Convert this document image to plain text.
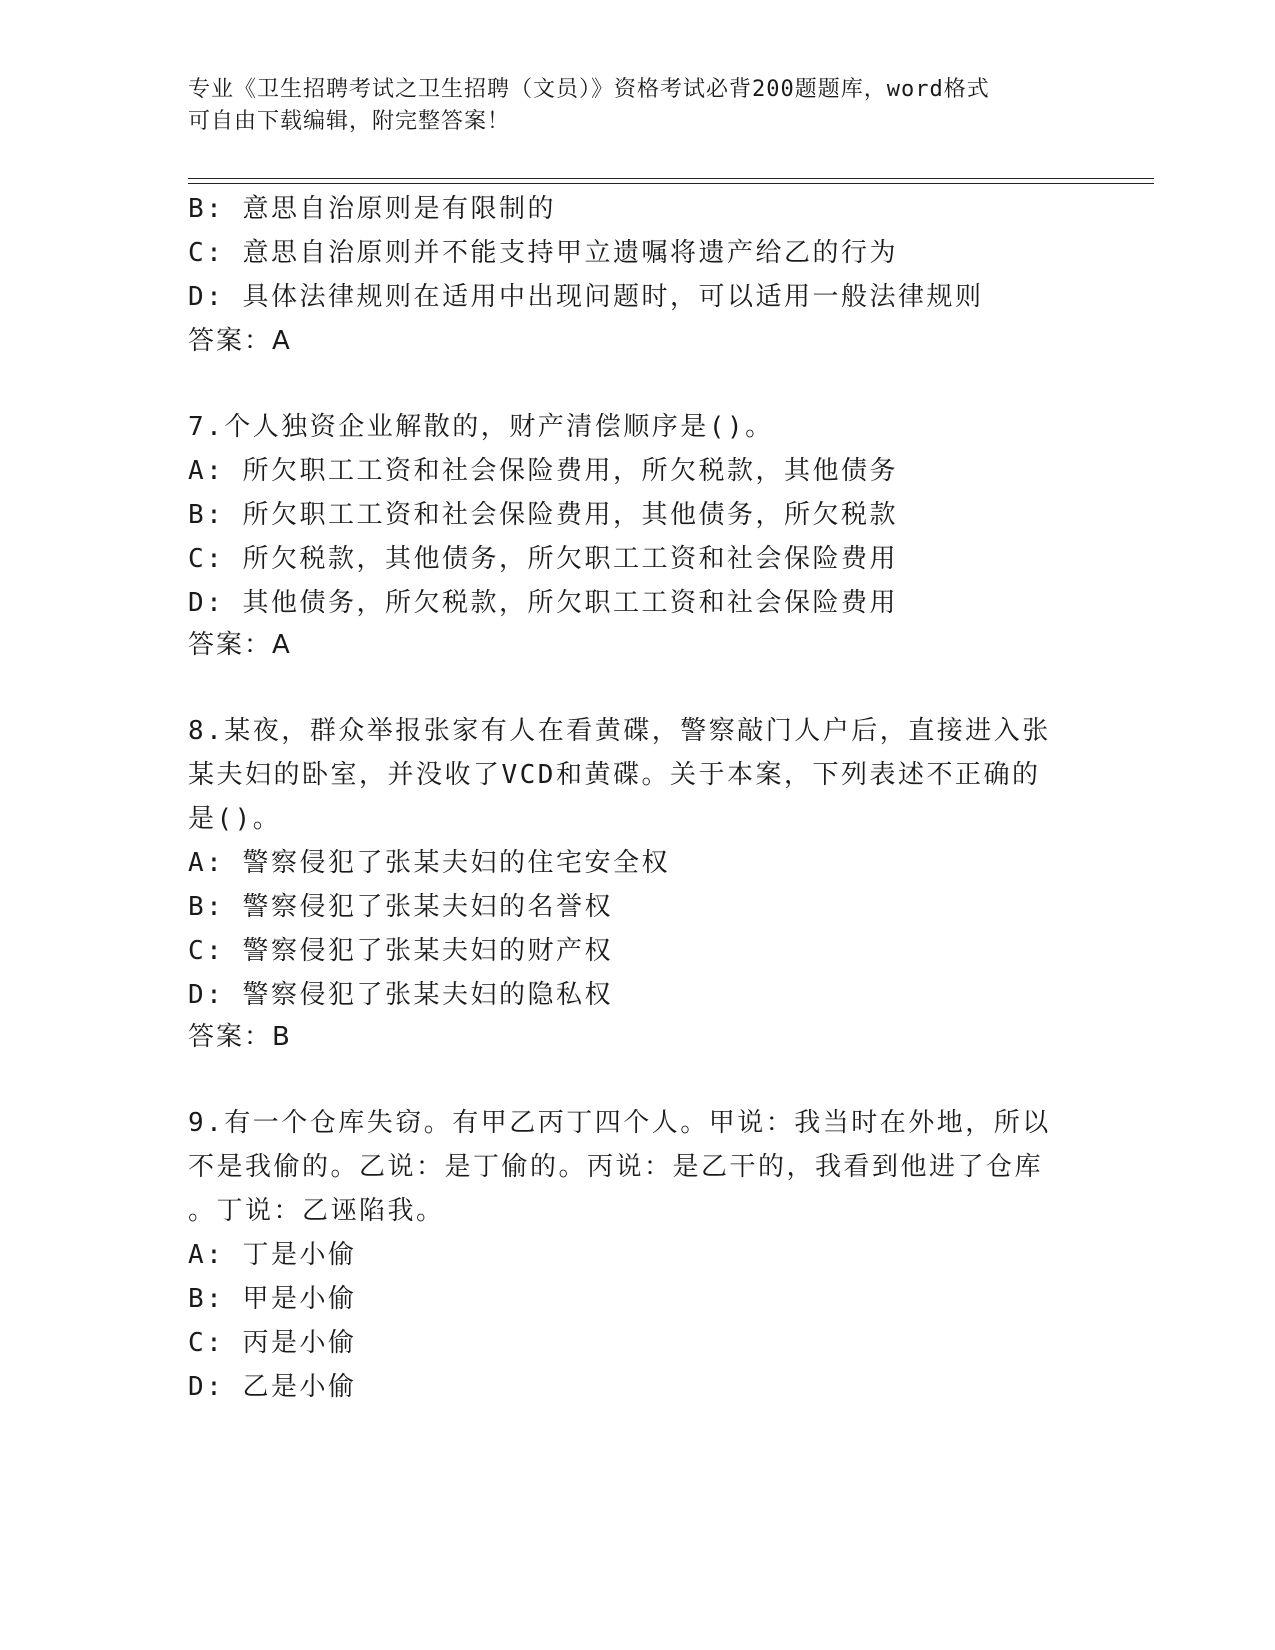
专业《卫生招聘考试之卫生招聘（文员）》资格考试必背200题题库，word格式
可自由下载编辑，附完整答案！
B: 意思自治原则是有限制的
C: 意思自治原则并不能支持甲立遗嘱将遗产给乙的行为
D: 具体法律规则在适用中出现问题时，可以适用一般法律规则
答案：A
7.个人独资企业解散的，财产清偿顺序是()。
A: 所欠职工工资和社会保险费用，所欠税款，其他债务
B: 所欠职工工资和社会保险费用，其他债务，所欠税款
C: 所欠税款，其他债务，所欠职工工资和社会保险费用
D: 其他债务，所欠税款，所欠职工工资和社会保险费用
答案：A
8.某夜，群众举报张家有人在看黄碟，警察敲门人户后，直接进入张
某夫妇的卧室，并没收了VCD和黄碟。关于本案，下列表述不正确的
是()。
A: 警察侵犯了张某夫妇的住宅安全权
B: 警察侵犯了张某夫妇的名誉权
C: 警察侵犯了张某夫妇的财产权
D: 警察侵犯了张某夫妇的隐私权
答案：B
9.有一个仓库失窃。有甲乙丙丁四个人。甲说：我当时在外地，所以
不是我偷的。乙说：是丁偷的。丙说：是乙干的，我看到他进了仓库
。丁说：乙诬陷我。
A: 丁是小偷
B: 甲是小偷
C: 丙是小偷
D: 乙是小偷
